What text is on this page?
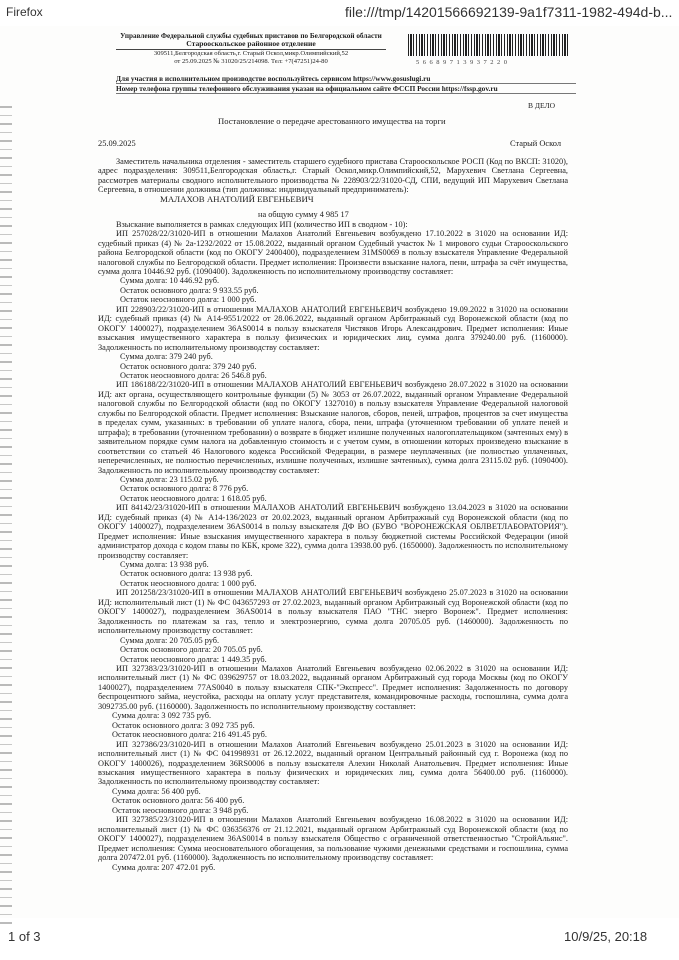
Firefox	file:///tmp/14201566692139-9a1f7311-1982-494d-b...
Управление Федеральной службы судебных приставов по Белгородской области
Старооскольское районное отделение
309511,Белгородская область,г. Старый Оскол,микр.Олимпийский,52
от 25.09.2025 № 31020/25/214098. Тел: +7(47251)24-80	56689713937220
Для участия в исполнительном производстве воспользуйтесь сервисом https://www.gosuslugi.ru
Номер телефона группы телефонного обслуживания указан на официальном сайте ФССП России https://fssp.gov.ru
В ДЕЛО
Постановление о передаче арестованного имущества на торги
25.09.2025	Старый Оскол

Заместитель начальника отделения - заместитель старшего судебного пристава Старооскольское РОСП (Код по ВКСП: 31020), адрес подразделения: 309511,Белгородская область,г. Старый Оскол,микр.Олимпийский,52, Марухевич Светлана Сергеевна, рассмотрев материалы сводного исполнительного производства № 228903/22/31020-СД, СПИ, ведущий ИП Марухевич Светлана Сергеевна, в отношении должника (тип должника: индивидуальный предприниматель):

МАЛАХОВ АНАТОЛИЙ ЕВГЕНЬЕВИЧ

на общую сумму 4 985 17

Взыскание выполняется в рамках следующих ИП (количество ИП в сводном - 10):

ИП 257028/22/31020-ИП в отношении Малахов Анатолий Евгеньевич возбуждено 17.10.2022 в 31020 на основании ИД: судебный приказ (4) № 2а-1232/2022 от 15.08.2022, выданный органом Судебный участок № 1 мирового судьи Старооскольского района Белгородской области (код по ОКОГУ 2400400), подразделением 31MS0069 в пользу взыскателя Управление Федеральной налоговой службы по Белгородской области. Предмет исполнения: Произвести взыскание налога, пени, штрафа за счёт имущества, сумма долга 10446.92 руб. (1090400). Задолженность по исполнительному производству составляет:

Сумма долга: 10 446.92 руб.

Остаток основного долга: 9 933.55 руб.

Остаток неосновного долга: 1 000 руб.

ИП 228903/22/31020-ИП в отношении МАЛАХОВ АНАТОЛИЙ ЕВГЕНЬЕВИЧ возбуждено 19.09.2022 в 31020 на основании ИД: судебный приказ (4) № А14-9551/2022 от 28.06.2022, выданный органом Арбитражный суд Воронежской области (код по ОКОГУ 1400027), подразделением 36AS0014 в пользу взыскателя Чистяков Игорь Александрович. Предмет исполнения: Иные взыскания имущественного характера в пользу физических и юридических лиц, сумма долга 379240.00 руб. (1160000). Задолженность по исполнительному производству составляет:

Сумма долга: 379 240 руб.

Остаток основного долга: 379 240 руб.

Остаток неосновного долга: 26 546.8 руб.

ИП 186188/22/31020-ИП в отношении МАЛАХОВ АНАТОЛИЙ ЕВГЕНЬЕВИЧ возбуждено 28.07.2022 в 31020 на основании ИД: акт органа, осуществляющего контрольные функции (5) № 3053 от 26.07.2022, выданный органом Управление Федеральной налоговой службы по Белгородской области (код по ОКОГУ 1327010) в пользу взыскателя Управление Федеральной налоговой службы по Белгородской области. Предмет исполнения: Взыскание налогов, сборов, пеней, штрафов, процентов за счет имущества в пределах сумм, указанных: в требовании об уплате налога, сбора, пени, штрафа (уточненном требовании об уплате пеней и штрафа); в требовании (уточненном требовании) о возврате в бюджет излишне полученных налогоплательщиком (зачтенных ему) в заявительном порядке сумм налога на добавленную стоимость и с учетом сумм, в отношении которых произведено взыскание в соответствии со статьей 46 Налогового кодекса Российской Федерации, в размере неуплаченных (не полностью уплаченных, неперечисленных, не полностью перечисленных, излишне полученных, излишне зачтенных), сумма долга 23115.02 руб. (1090400). Задолженность по исполнительному производству составляет:

Сумма долга: 23 115.02 руб.

Остаток основного долга: 8 776 руб.

Остаток неосновного долга: 1 618.05 руб.

ИП 84142/23/31020-ИП в отношении МАЛАХОВ АНАТОЛИЙ ЕВГЕНЬЕВИЧ возбуждено 13.04.2023 в 31020 на основании ИД: судебный приказ (4) № А14-136/2023 от 20.02.2023, выданный органом Арбитражный суд Воронежской области (код по ОКОГУ 1400027), подразделением 36AS0014 в пользу взыскателя ДФ ВО (БУВО "ВОРОНЕЖСКАЯ ОБЛВЕТЛАБОРАТОРИЯ"). Предмет исполнения: Иные взыскания имущественного характера в пользу бюджетной системы Российской Федерации (иной администратор дохода с кодом главы по КБК, кроме 322), сумма долга 13938.00 руб. (1650000). Задолженность по исполнительному производству составляет:

Сумма долга: 13 938 руб.

Остаток основного долга: 13 938 руб.

Остаток неосновного долга: 1 000 руб.

ИП 201258/23/31020-ИП в отношении МАЛАХОВ АНАТОЛИЙ ЕВГЕНЬЕВИЧ возбуждено 25.07.2023 в 31020 на основании ИД: исполнительный лист (1) № ФС 043657293 от 27.02.2023, выданный органом Арбитражный суд Воронежской области (код по ОКОГУ 1400027), подразделением 36AS0014 в пользу взыскателя ПАО "ТНС энерго Воронеж". Предмет исполнения: Задолженность по платежам за газ, тепло и электроэнергию, сумма долга 20705.05 руб. (1460000). Задолженность по исполнительному производству составляет:

Сумма долга: 20 705.05 руб.

Остаток основного долга: 20 705.05 руб.

Остаток неосновного долга: 1 449.35 руб.

ИП 327383/23/31020-ИП в отношении Малахов Анатолий Евгеньевич возбуждено 02.06.2022 в 31020 на основании ИД: исполнительный лист (1) № ФС 039629757 от 18.03.2022, выданный органом Арбитражный суд города Москвы (код по ОКОГУ 1400027), подразделением 77AS0040 в пользу взыскателя СПК-"Экспресс". Предмет исполнения: Задолженность по договору беспроцентного займа, неустойка, расходы на оплату услуг представителя, командировочные расходы, госпошлина, сумма долга 3092735.00 руб. (1160000). Задолженность по исполнительному производству составляет:

Сумма долга: 3 092 735 руб.

Остаток основного долга: 3 092 735 руб.

Остаток неосновного долга: 216 491.45 руб.

ИП 327386/23/31020-ИП в отношении Малахов Анатолий Евгеньевич возбуждено 25.01.2023 в 31020 на основании ИД: исполнительный лист (1) № ФС 041998931 от 26.12.2022, выданный органом Центральный районный суд г. Воронежа (код по ОКОГУ 1400026), подразделением 36RS0006 в пользу взыскателя Алехин Николай Анатольевич. Предмет исполнения: Иные взыскания имущественного характера в пользу физических и юридических лиц, сумма долга 56400.00 руб. (1160000). Задолженность по исполнительному производству составляет:

Сумма долга: 56 400 руб.

Остаток основного долга: 56 400 руб.

Остаток неосновного долга: 3 948 руб.

ИП 327385/23/31020-ИП в отношении Малахов Анатолий Евгеньевич возбуждено 16.08.2022 в 31020 на основании ИД: исполнительный лист (1) № ФС 036356376 от 21.12.2021, выданный органом Арбитражный суд Воронежской области (код по ОКОГУ 1400027), подразделением 36AS0014 в пользу взыскателя Общество с ограниченной ответственностью "СтройАльянс". Предмет исполнения: Сумма неосновательного обогащения, за пользование чужими денежными средствами и госпошлина, сумма долга 207472.01 руб. (1160000). Задолженность по исполнительному производству составляет:

Сумма долга: 207 472.01 руб.

1 of 3	10/9/25, 20:18
